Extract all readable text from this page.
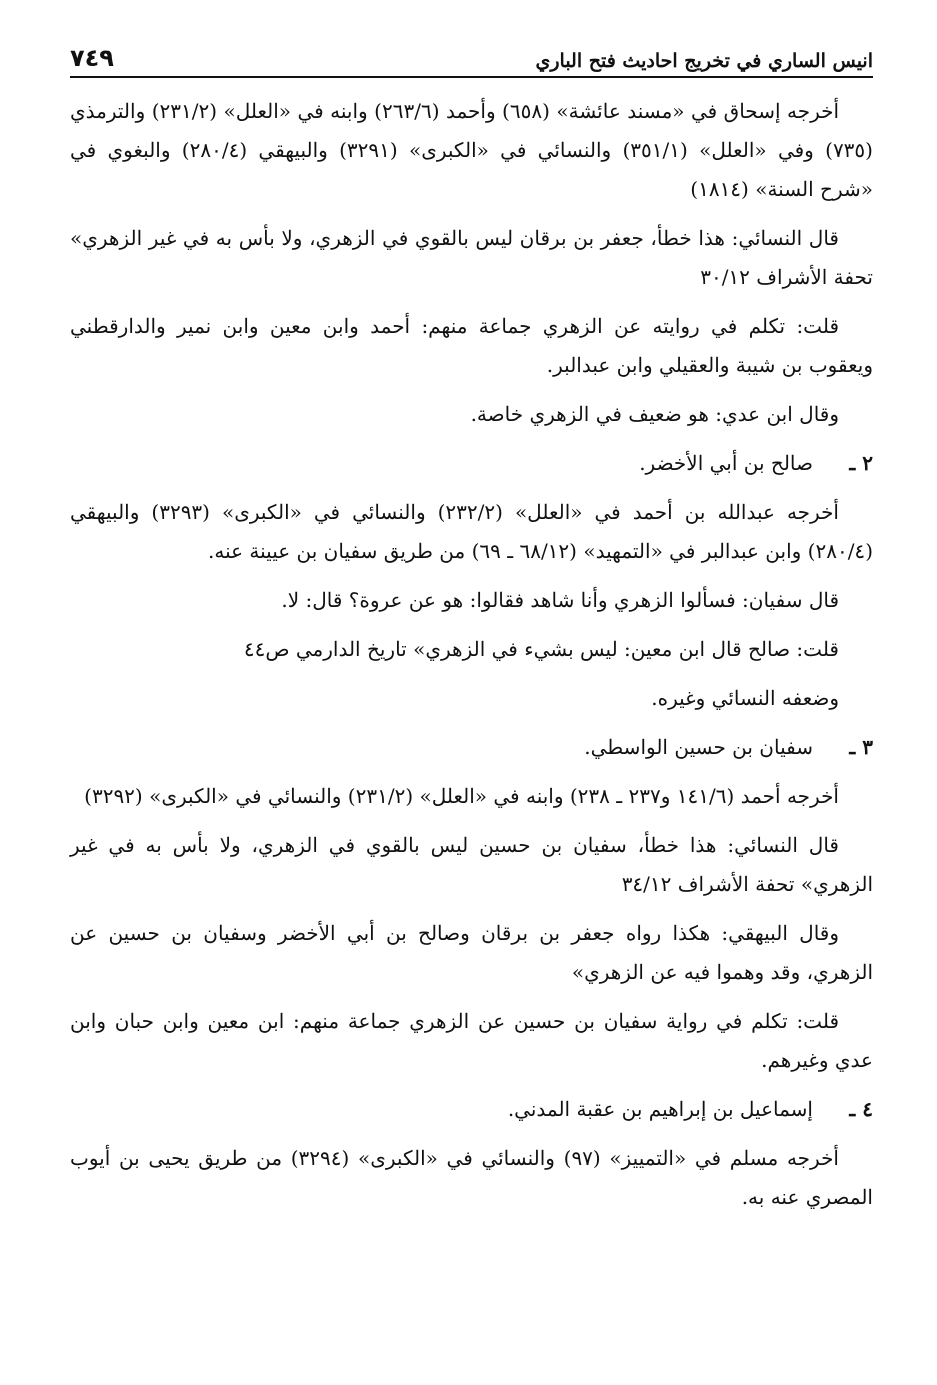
انيس الساري في تخريج احاديث فتح الباري
٧٤٩

أخرجه إسحاق في «مسند عائشة» (٦٥٨) وأحمد (٢٦٣/٦) وابنه في «العلل» (٢٣١/٢) والترمذي (٧٣٥) وفي «العلل» (٣٥١/١) والنسائي في «الكبرى» (٣٢٩١) والبيهقي (٢٨٠/٤) والبغوي في «شرح السنة» (١٨١٤)

قال النسائي: هذا خطأ، جعفر بن برقان ليس بالقوي في الزهري، ولا بأس به في غير الزهري» تحفة الأشراف ٣٠/١٢

قلت: تكلم في روايته عن الزهري جماعة منهم: أحمد وابن معين وابن نمير والدارقطني ويعقوب بن شيبة والعقيلي وابن عبدالبر.

وقال ابن عدي: هو ضعيف في الزهري خاصة.

٢ ـ
صالح بن أبي الأخضر.

أخرجه عبدالله بن أحمد في «العلل» (٢٣٢/٢) والنسائي في «الكبرى» (٣٢٩٣) والبيهقي (٢٨٠/٤) وابن عبدالبر في «التمهيد» (٦٨/١٢ ـ ٦٩) من طريق سفيان بن عيينة عنه.

قال سفيان: فسألوا الزهري وأنا شاهد فقالوا: هو عن عروة؟ قال: لا.

قلت: صالح قال ابن معين: ليس بشيء في الزهري» تاريخ الدارمي ص٤٤

وضعفه النسائي وغيره.

٣ ـ
سفيان بن حسين الواسطي.

أخرجه أحمد (١٤١/٦ و٢٣٧ ـ ٢٣٨) وابنه في «العلل» (٢٣١/٢) والنسائي في «الكبرى» (٣٢٩٢)

قال النسائي: هذا خطأ، سفيان بن حسين ليس بالقوي في الزهري، ولا بأس به في غير الزهري» تحفة الأشراف ٣٤/١٢

وقال البيهقي: هكذا رواه جعفر بن برقان وصالح بن أبي الأخضر وسفيان بن حسين عن الزهري، وقد وهموا فيه عن الزهري»

قلت: تكلم في رواية سفيان بن حسين عن الزهري جماعة منهم: ابن معين وابن حبان وابن عدي وغيرهم.

٤ ـ
إسماعيل بن إبراهيم بن عقبة المدني.

أخرجه مسلم في «التمييز» (٩٧) والنسائي في «الكبرى» (٣٢٩٤) من طريق يحيى بن أيوب المصري عنه به.
